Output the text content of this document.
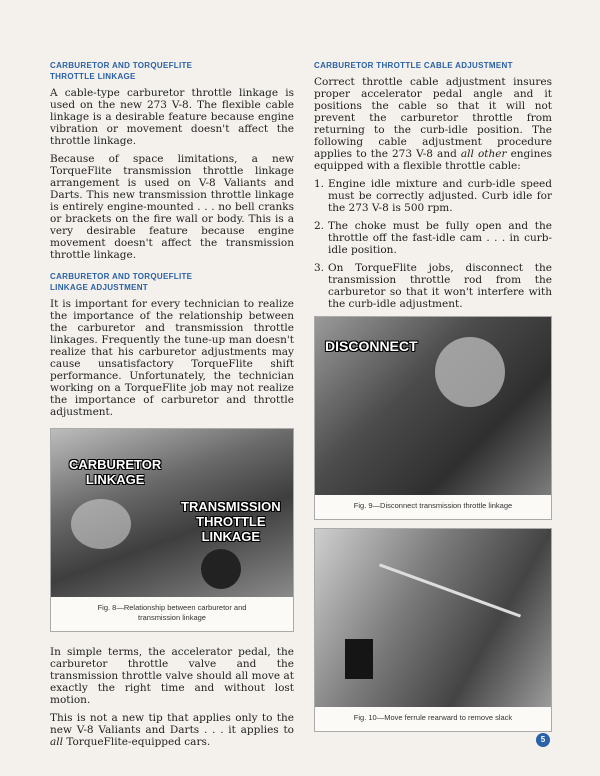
CARBURETOR AND TORQUEFLITE
THROTTLE LINKAGE

A cable-type carburetor throttle linkage is used on the new 273 V-8. The flexible cable linkage is a desirable feature because engine vibration or movement doesn't affect the throttle linkage.

Because of space limitations, a new TorqueFlite transmission throttle linkage arrangement is used on V-8 Valiants and Darts. This new transmission throttle linkage is entirely engine-mounted . . . no bell cranks or brackets on the fire wall or body. This is a very desirable feature because engine movement doesn't affect the transmission throttle linkage.

CARBURETOR AND TORQUEFLITE
LINKAGE ADJUSTMENT

It is important for every technician to realize the importance of the relationship between the carburetor and transmission throttle linkages. Frequently the tune-up man doesn't realize that his carburetor adjustments may cause unsatisfactory TorqueFlite shift performance. Unfortunately, the technician working on a TorqueFlite job may not realize the importance of carburetor and throttle adjustment.

CARBURETOR
LINKAGE
TRANSMISSION
THROTTLE
LINKAGE
Fig. 8—Relationship between carburetor and
transmission linkage

In simple terms, the accelerator pedal, the carburetor throttle valve and the transmission throttle valve should all move at exactly the right time and without lost motion.

This is not a new tip that applies only to the new V-8 Valiants and Darts . . . it applies to all TorqueFlite-equipped cars.

CARBURETOR THROTTLE CABLE ADJUSTMENT

Correct throttle cable adjustment insures proper accelerator pedal angle and it positions the cable so that it will not prevent the carburetor throttle from returning to the curb-idle position. The following cable adjustment procedure applies to the 273 V-8 and all other engines equipped with a flexible throttle cable:

1. Engine idle mixture and curb-idle speed must be correctly adjusted. Curb idle for the 273 V-8 is 500 rpm.
2. The choke must be fully open and the throttle off the fast-idle cam . . . in curb-idle position.
3. On TorqueFlite jobs, disconnect the transmission throttle rod from the carburetor so that it won't interfere with the curb-idle adjustment.
DISCONNECT
Fig. 9—Disconnect transmission throttle linkage
Fig. 10—Move ferrule rearward to remove slack
5
